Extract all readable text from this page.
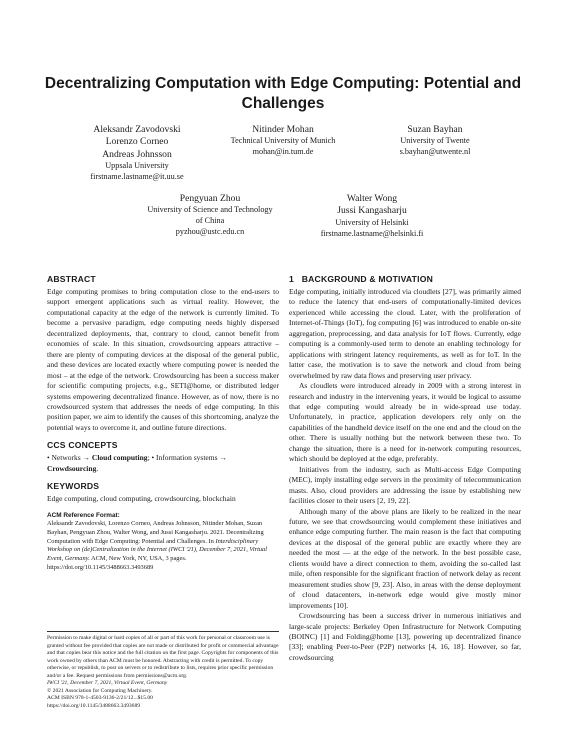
Decentralizing Computation with Edge Computing: Potential and Challenges
Aleksandr Zavodovski
Lorenzo Corneo
Andreas Johnsson
Uppsala University
firstname.lastname@it.uu.se
Nitinder Mohan
Technical University of Munich
mohan@in.tum.de
Suzan Bayhan
University of Twente
s.bayhan@utwente.nl
Pengyuan Zhou
University of Science and Technology
of China
pyzhou@ustc.edu.cn
Walter Wong
Jussi Kangasharju
University of Helsinki
firstname.lastname@helsinki.fi
ABSTRACT

Edge computing promises to bring computation close to the end-users to support emergent applications such as virtual reality. However, the computational capacity at the edge of the network is currently limited. To become a pervasive paradigm, edge computing needs highly dispersed decentralized deployments, that, contrary to cloud, cannot benefit from economies of scale. In this situation, crowdsourcing appears attractive – there are plenty of computing devices at the disposal of the general public, and these devices are located exactly where computing power is needed the most – at the edge of the network. Crowdsourcing has been a success maker for scientific computing projects, e.g., SETI@home, or distributed ledger systems empowering decentralized finance. However, as of now, there is no crowdsourced system that addresses the needs of edge computing. In this position paper, we aim to identify the causes of this shortcoming, analyze the potential ways to overcome it, and outline future directions.

CCS CONCEPTS

• Networks → Cloud computing; • Information systems → Crowdsourcing.

KEYWORDS

Edge computing, cloud computing, crowdsourcing, blockchain

ACM Reference Format:

Aleksandr Zavodovski, Lorenzo Corneo, Andreas Johnsson, Nitinder Mohan, Suzan Bayhan, Pengyuan Zhou, Walter Wong, and Jussi Kangasharju. 2021. Decentralizing Computation with Edge Computing: Potential and Challenges. In Interdisciplinary Workshop on (de)Centralization in the Internet (IWCI '21), December 7, 2021, Virtual Event, Germany. ACM, New York, NY, USA, 3 pages. https://doi.org/10.1145/3488663.3493689

Permission to make digital or hard copies of all or part of this work for personal or classroom use is granted without fee provided that copies are not made or distributed for profit or commercial advantage and that copies bear this notice and the full citation on the first page. Copyrights for components of this work owned by others than ACM must be honored. Abstracting with credit is permitted. To copy otherwise, or republish, to post on servers or to redistribute to lists, requires prior specific permission and/or a fee. Request permissions from permissions@acm.org.

IWCI '21, December 7, 2021, Virtual Event, Germany

© 2021 Association for Computing Machinery.

ACM ISBN 978-1-4503-9136-2/21/12...$15.00

https://doi.org/10.1145/3488663.3493689

1   BACKGROUND & MOTIVATION

Edge computing, initially introduced via cloudlets [27], was primarily aimed to reduce the latency that end-users of computationally-limited devices experienced while accessing the cloud. Later, with the proliferation of Internet-of-Things (IoT), fog computing [6] was introduced to enable on-site aggregation, preprocessing, and data analysis for IoT flows. Currently, edge computing is a commonly-used term to denote an enabling technology for applications with stringent latency requirements, as well as for IoT. In the latter case, the motivation is to save the network and cloud from being overwhelmed by raw data flows and preserving user privacy.

As cloudlets were introduced already in 2009 with a strong interest in research and industry in the intervening years, it would be logical to assume that edge computing would already be in wide-spread use today. Unfortunately, in practice, application developers rely only on the capabilities of the handheld device itself on the one end and the cloud on the other. There is usually nothing but the network between these two. To change the situation, there is a need for in-network computing resources, which should be deployed at the edge, preferably.

Initiatives from the industry, such as Multi-access Edge Computing (MEC), imply installing edge servers in the proximity of telecommunication masts. Also, cloud providers are addressing the issue by establishing new facilities closer to their users [2, 19, 22].

Although many of the above plans are likely to be realized in the near future, we see that crowdsourcing would complement these initiatives and enhance edge computing further. The main reason is the fact that computing devices at the disposal of the general public are exactly where they are needed the most — at the edge of the network. In the best possible case, clients would have a direct connection to them, avoiding the so-called last mile, often responsible for the significant fraction of network delay as recent measurement studies show [9, 23]. Also, in areas with the dense deployment of cloud datacenters, in-network edge would give mostly minor improvements [10].

Crowdsourcing has been a success driver in numerous initiatives and large-scale projects: Berkeley Open Infrastructure for Network Computing (BOINC) [1] and Folding@home [13], powering up decentralized finance [33]; enabling Peer-to-Peer (P2P) networks [4, 16, 18]. However, so far, crowdsourcing
